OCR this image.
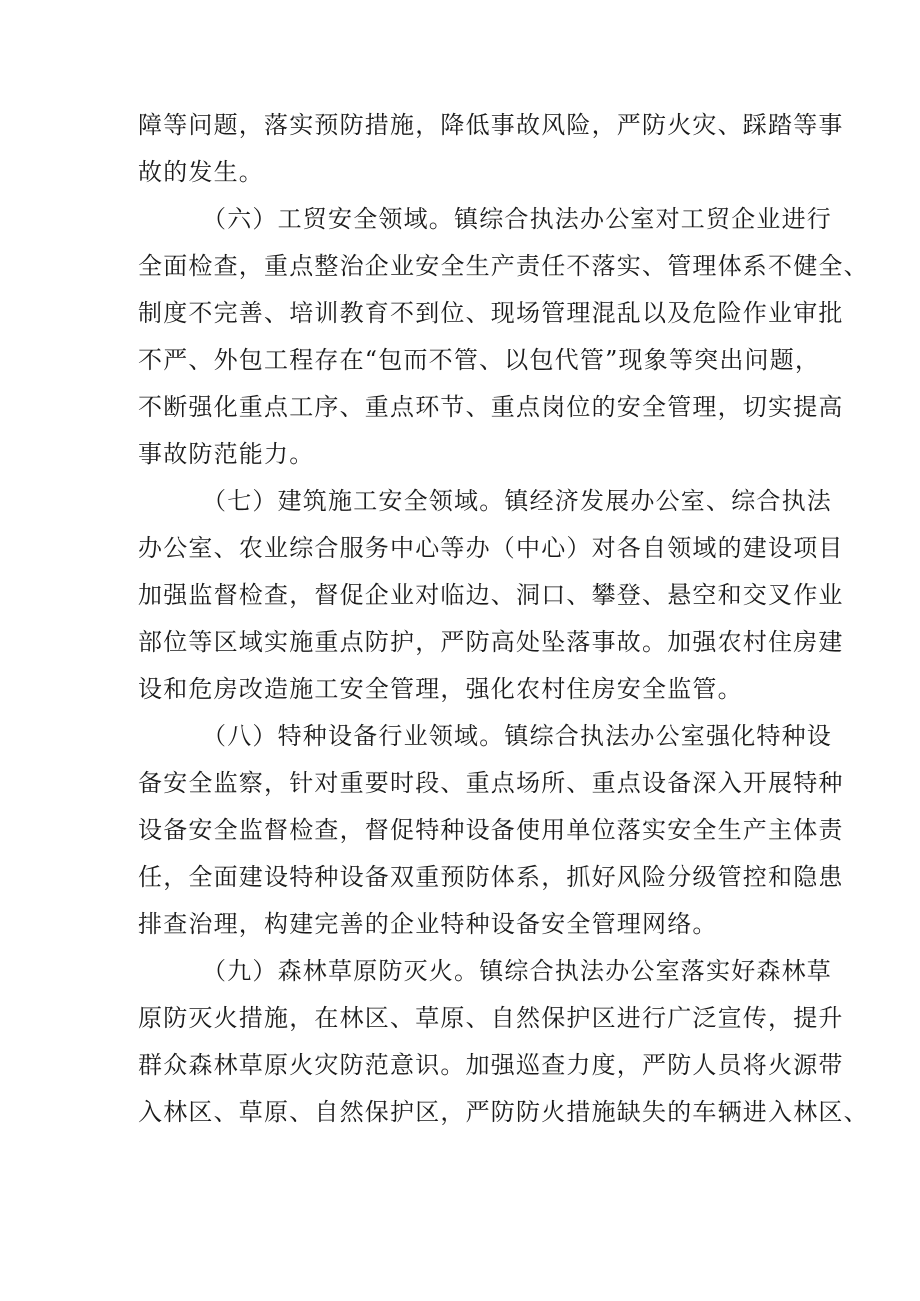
障等问题，落实预防措施，降低事故风险，严防火灾、踩踏等事
故的发生。
（六）工贸安全领域。镇综合执法办公室对工贸企业进行
全面检查，重点整治企业安全生产责任不落实、管理体系不健全、
制度不完善、培训教育不到位、现场管理混乱以及危险作业审批
不严、外包工程存在“包而不管、以包代管”现象等突出问题，
不断强化重点工序、重点环节、重点岗位的安全管理，切实提高
事故防范能力。
（七）建筑施工安全领域。镇经济发展办公室、综合执法
办公室、农业综合服务中心等办（中心）对各自领域的建设项目
加强监督检查，督促企业对临边、洞口、攀登、悬空和交叉作业
部位等区域实施重点防护，严防高处坠落事故。加强农村住房建
设和危房改造施工安全管理，强化农村住房安全监管。
（八）特种设备行业领域。镇综合执法办公室强化特种设
备安全监察，针对重要时段、重点场所、重点设备深入开展特种
设备安全监督检查，督促特种设备使用单位落实安全生产主体责
任，全面建设特种设备双重预防体系，抓好风险分级管控和隐患
排查治理，构建完善的企业特种设备安全管理网络。
（九）森林草原防灭火。镇综合执法办公室落实好森林草
原防灭火措施，在林区、草原、自然保护区进行广泛宣传，提升
群众森林草原火灾防范意识。加强巡查力度，严防人员将火源带
入林区、草原、自然保护区，严防防火措施缺失的车辆进入林区、
